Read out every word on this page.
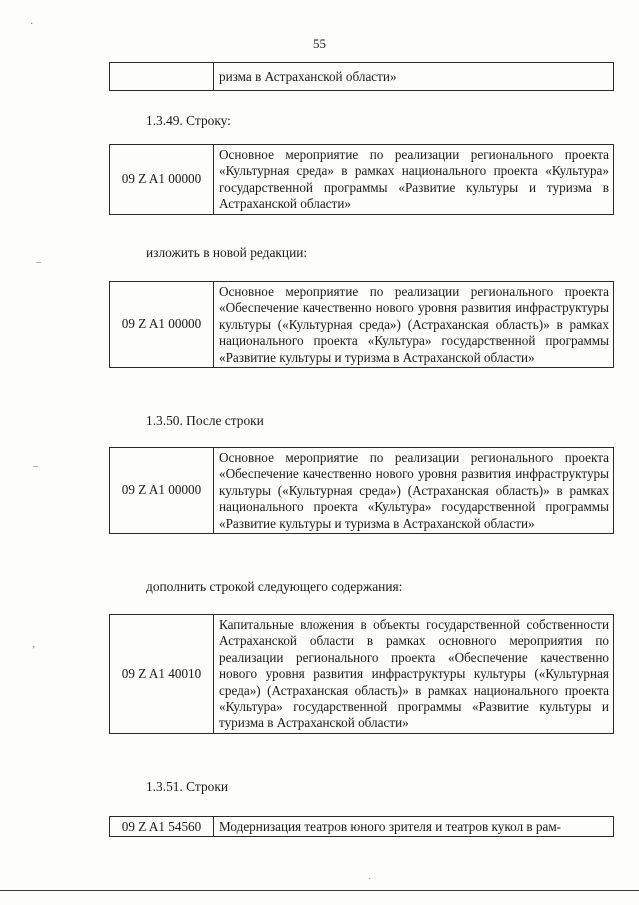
55
	ризма в Астраханской области»
1.3.49. Строку:
09 Z A1 00000	Основное мероприятие по реализации регионального проекта «Культурная среда» в рамках национального проекта «Культура» государственной программы «Развитие культуры и туризма в Астраханской области»
изложить в новой редакции:
09 Z A1 00000	Основное мероприятие по реализации регионального проекта «Обеспечение качественно нового уровня развития инфраструктуры культуры («Культурная среда») (Астраханская область)» в рамках национального проекта «Культура» государственной программы «Развитие культуры и туризма в Астраханской области»
1.3.50. После строки
09 Z A1 00000	Основное мероприятие по реализации регионального проекта «Обеспечение качественно нового уровня развития инфраструктуры культуры («Культурная среда») (Астраханская область)» в рамках национального проекта «Культура» государственной программы «Развитие культуры и туризма в Астраханской области»
дополнить строкой следующего содержания:
09 Z A1 40010	Капитальные вложения в объекты государственной собственности Астраханской области в рамках основного мероприятия по реализации регионального проекта «Обеспечение качественно нового уровня развития инфраструктуры культуры («Культурная среда») (Астраханская область)» в рамках национального проекта «Культура» государственной программы «Развитие культуры и туризма в Астраханской области»
1.3.51. Строки
09 Z A1 54560	Модернизация театров юного зрителя и театров кукол в рам-
·
–
–
‚
·
